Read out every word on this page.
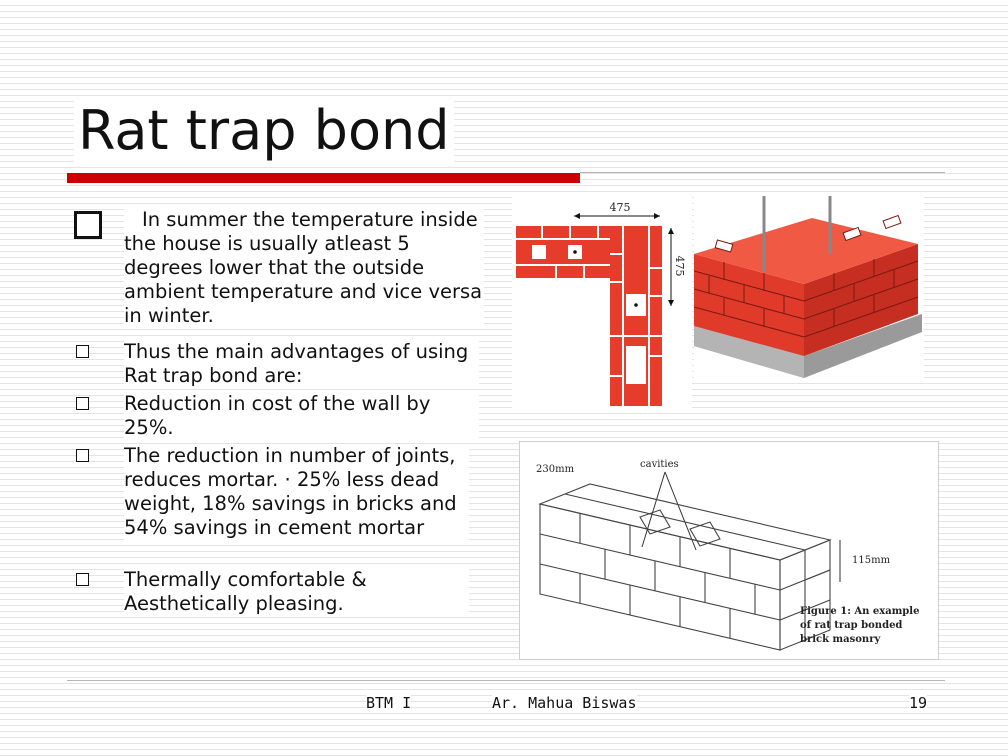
Rat trap bond
In summer the temperature inside the house is usually atleast 5 degrees lower that the outside ambient temperature and vice versa in winter.
Thus the main advantages of using Rat trap bond are:
Reduction in cost of the wall by 25%.
The reduction in number of joints, reduces mortar. · 25% less dead weight, 18% savings in bricks and 54% savings in cement mortar
Thermally comfortable & Aesthetically pleasing.
475
475
230mm	cavities
115mm
Figure 1: An example
of rat trap bonded
brick masonry
BTM I	Ar. Mahua Biswas	19
